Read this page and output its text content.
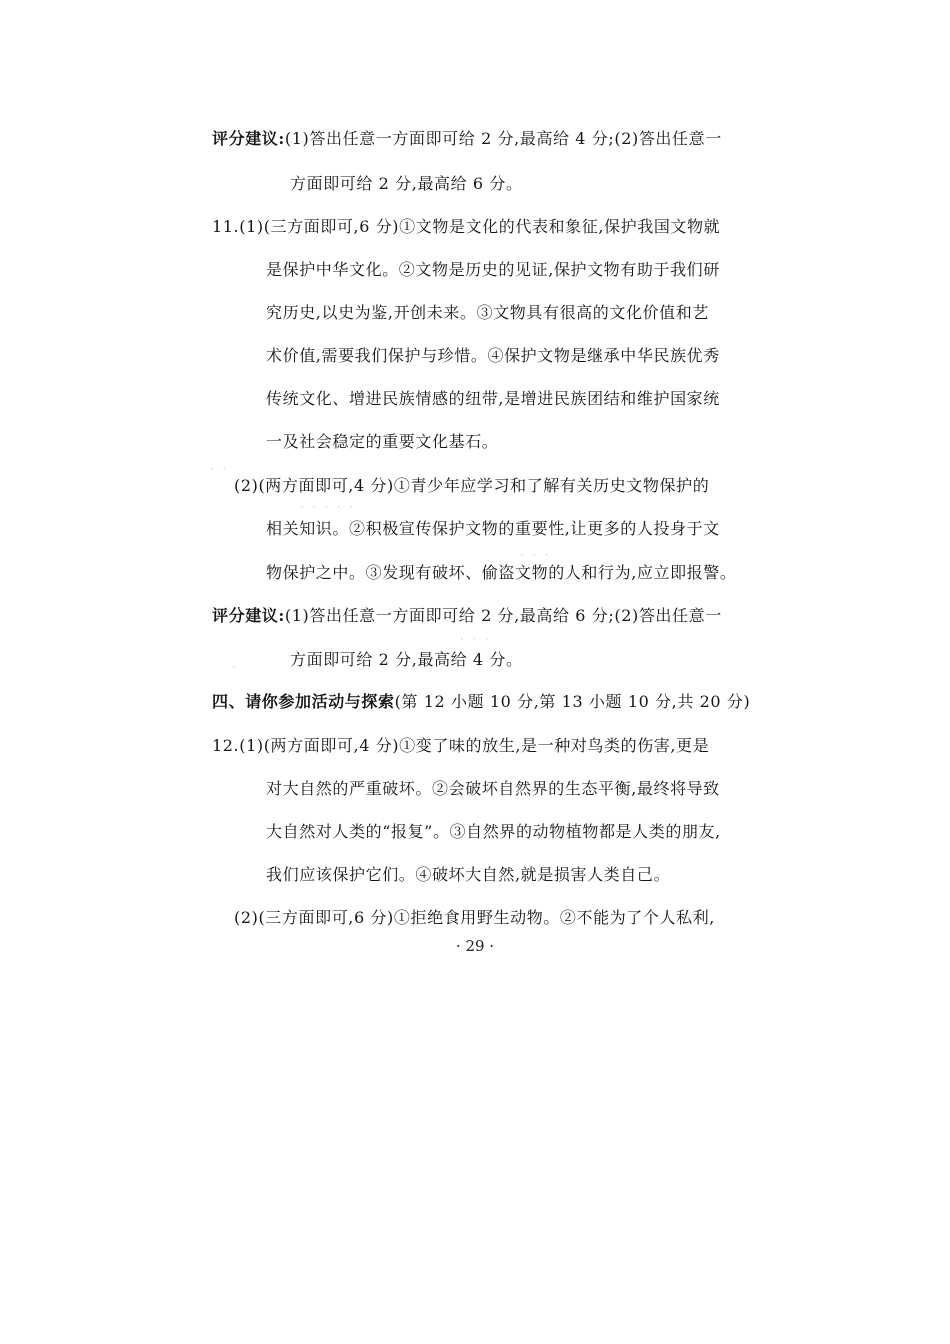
· ·
· · · · ·
· · ·
· · ·
·
评分建议:(1)答出任意一方面即可给 2 分,最高给 4 分;(2)答出任意一
方面即可给 2 分,最高给 6 分。
11.(1)(三方面即可,6 分)①文物是文化的代表和象征,保护我国文物就
是保护中华文化。②文物是历史的见证,保护文物有助于我们研
究历史,以史为鉴,开创未来。③文物具有很高的文化价值和艺
术价值,需要我们保护与珍惜。④保护文物是继承中华民族优秀
传统文化、增进民族情感的纽带,是增进民族团结和维护国家统
一及社会稳定的重要文化基石。
(2)(两方面即可,4 分)①青少年应学习和了解有关历史文物保护的
相关知识。②积极宣传保护文物的重要性,让更多的人投身于文
物保护之中。③发现有破坏、偷盗文物的人和行为,应立即报警。
评分建议:(1)答出任意一方面即可给 2 分,最高给 6 分;(2)答出任意一
方面即可给 2 分,最高给 4 分。
四、请你参加活动与探索(第 12 小题 10 分,第 13 小题 10 分,共 20 分)
12.(1)(两方面即可,4 分)①变了味的放生,是一种对鸟类的伤害,更是
对大自然的严重破坏。②会破坏自然界的生态平衡,最终将导致
大自然对人类的“报复”。③自然界的动物植物都是人类的朋友,
我们应该保护它们。④破坏大自然,就是损害人类自己。
(2)(三方面即可,6 分)①拒绝食用野生动物。②不能为了个人私利,
· 29 ·
